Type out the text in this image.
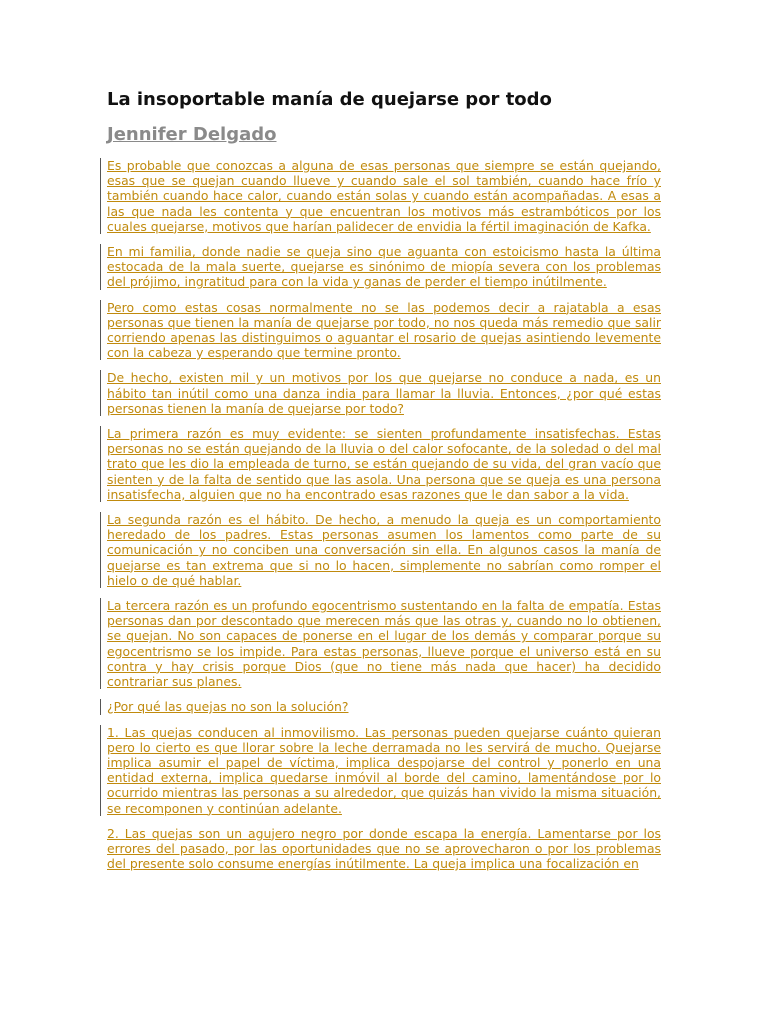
La insoportable manía de quejarse por todo
Jennifer Delgado

Es probable que conozcas a alguna de esas personas que siempre se están quejando, esas que se quejan cuando llueve y cuando sale el sol también, cuando hace frío y también cuando hace calor, cuando están solas y cuando están acompañadas. A esas a las que nada les contenta y que encuentran los motivos más estrambóticos por los cuales quejarse, motivos que harían palidecer de envidia la fértil imaginación de Kafka.

En mi familia, donde nadie se queja sino que aguanta con estoicismo hasta la última estocada de la mala suerte, quejarse es sinónimo de miopía severa con los problemas del prójimo, ingratitud para con la vida y ganas de perder el tiempo inútilmente.

Pero como estas cosas normalmente no se las podemos decir a rajatabla a esas personas que tienen la manía de quejarse por todo, no nos queda más remedio que salir corriendo apenas las distinguimos o aguantar el rosario de quejas asintiendo levemente con la cabeza y esperando que termine pronto.

De hecho, existen mil y un motivos por los que quejarse no conduce a nada, es un hábito tan inútil como una danza india para llamar la lluvia. Entonces, ¿por qué estas personas tienen la manía de quejarse por todo?

La primera razón es muy evidente: se sienten profundamente insatisfechas. Estas personas no se están quejando de la lluvia o del calor sofocante, de la soledad o del mal trato que les dio la empleada de turno, se están quejando de su vida, del gran vacío que sienten y de la falta de sentido que las asola. Una persona que se queja es una persona insatisfecha, alguien que no ha encontrado esas razones que le dan sabor a la vida.

La segunda razón es el hábito. De hecho, a menudo la queja es un comportamiento heredado de los padres. Estas personas asumen los lamentos como parte de su comunicación y no conciben una conversación sin ella. En algunos casos la manía de quejarse es tan extrema que si no lo hacen, simplemente no sabrían como romper el hielo o de qué hablar.

La tercera razón es un profundo egocentrismo sustentando en la falta de empatía. Estas personas dan por descontado que merecen más que las otras y, cuando no lo obtienen, se quejan. No son capaces de ponerse en el lugar de los demás y comparar porque su egocentrismo se los impide. Para estas personas, llueve porque el universo está en su contra y hay crisis porque Dios (que no tiene más nada que hacer) ha decidido contrariar sus planes.

¿Por qué las quejas no son la solución?

1. Las quejas conducen al inmovilismo. Las personas pueden quejarse cuánto quieran pero lo cierto es que llorar sobre la leche derramada no les servirá de mucho. Quejarse implica asumir el papel de víctima, implica despojarse del control y ponerlo en una entidad externa, implica quedarse inmóvil al borde del camino, lamentándose por lo ocurrido mientras las personas a su alrededor, que quizás han vivido la misma situación, se recomponen y continúan adelante.

2. Las quejas son un agujero negro por donde escapa la energía. Lamentarse por los errores del pasado, por las oportunidades que no se aprovecharon o por los problemas del presente solo consume energías inútilmente. La queja implica una focalización en
